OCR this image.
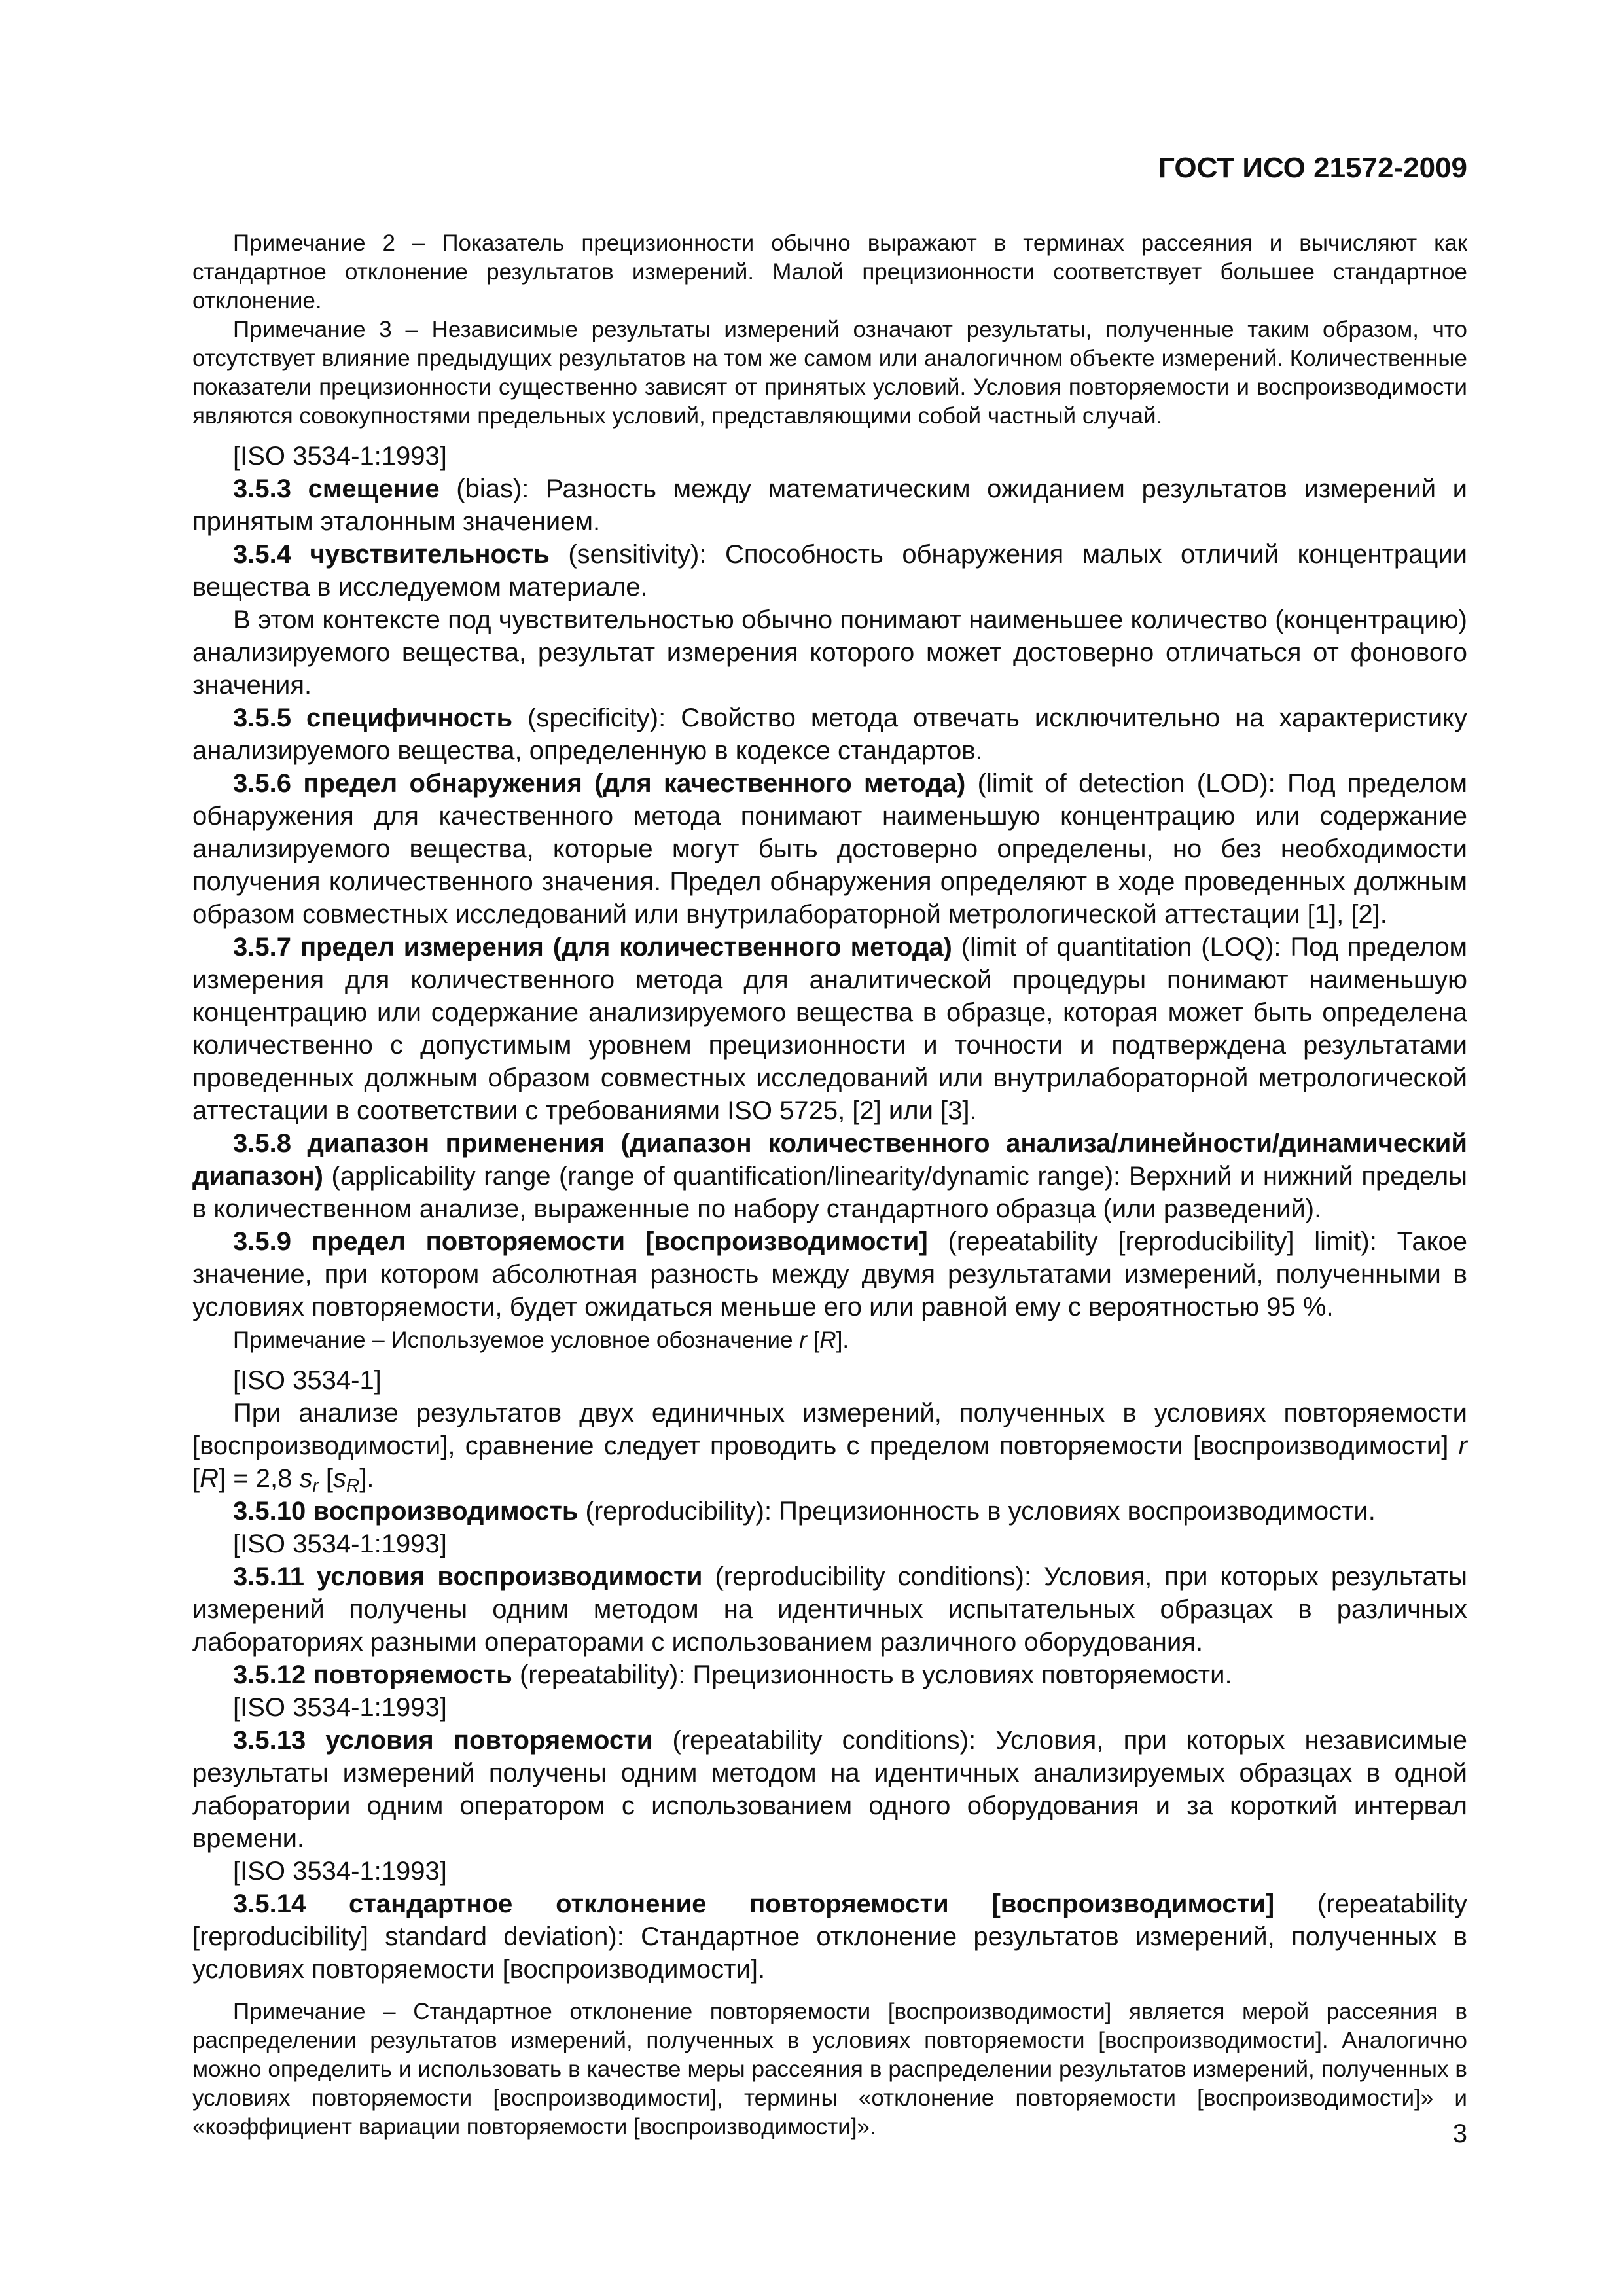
ГОСТ ИСО 21572-2009

Примечание 2 – Показатель прецизионности обычно выражают в терминах рассеяния и вычисляют как стандартное отклонение результатов измерений. Малой прецизионности соответствует большее стандартное отклонение.

Примечание 3 – Независимые результаты измерений означают результаты, полученные таким образом, что отсутствует влияние предыдущих результатов на том же самом или аналогичном объекте измерений. Количественные показатели прецизионности существенно зависят от принятых условий. Условия повторяемости и воспроизводимости являются совокупностями предельных условий, представляющими собой частный случай.

[ISO 3534-1:1993]

3.5.3 смещение (bias): Разность между математическим ожиданием результатов измерений и принятым эталонным значением.

3.5.4 чувствительность (sensitivity): Способность обнаружения малых отличий концентрации вещества в исследуемом материале.

В этом контексте под чувствительностью обычно понимают наименьшее количество (концентрацию) анализируемого вещества, результат измерения которого может достоверно отличаться от фонового значения.

3.5.5 специфичность (specificity): Свойство метода отвечать исключительно на характеристику анализируемого вещества, определенную в кодексе стандартов.

3.5.6 предел обнаружения (для качественного метода) (limit of detection (LOD): Под пределом обнаружения для качественного метода понимают наименьшую концентрацию или содержание анализируемого вещества, которые могут быть достоверно определены, но без необходимости получения количественного значения. Предел обнаружения определяют в ходе проведенных должным образом совместных исследований или внутрилабораторной метрологической аттестации [1], [2].

3.5.7 предел измерения (для количественного метода) (limit of quantitation (LOQ): Под пределом измерения для количественного метода для аналитической процедуры понимают наименьшую концентрацию или содержание анализируемого вещества в образце, которая может быть определена количественно с допустимым уровнем прецизионности и точности и подтверждена результатами проведенных должным образом совместных исследований или внутрилабораторной метрологической аттестации в соответствии с требованиями ISO 5725, [2] или [3].

3.5.8 диапазон применения (диапазон количественного анализа/линейности/динамический диапазон) (applicability range (range of quantification/linearity/dynamic range): Верхний и нижний пределы в количественном анализе, выраженные по набору стандартного образца (или разведений).

3.5.9 предел повторяемости [воспроизводимости] (repeatability [reproducibility] limit): Такое значение, при котором абсолютная разность между двумя результатами измерений, полученными в условиях повторяемости, будет ожидаться меньше его или равной ему с вероятностью 95 %.

Примечание – Используемое условное обозначение r [R].

[ISO 3534-1]

При анализе результатов двух единичных измерений, полученных в условиях повторяемости [воспроизводимости], сравнение следует проводить с пределом повторяемости [воспроизводимости] r [R] = 2,8 $s_r$ $[s_R]$.

3.5.10 воспроизводимость (reproducibility): Прецизионность в условиях воспроизводимости.

[ISO 3534-1:1993]

3.5.11 условия воспроизводимости (reproducibility conditions): Условия, при которых результаты измерений получены одним методом на идентичных испытательных образцах в различных лабораториях разными операторами с использованием различного оборудования.

3.5.12 повторяемость (repeatability): Прецизионность в условиях повторяемости.

[ISO 3534-1:1993]

3.5.13 условия повторяемости (repeatability conditions): Условия, при которых независимые результаты измерений получены одним методом на идентичных анализируемых образцах в одной лаборатории одним оператором с использованием одного оборудования и за короткий интервал времени.

[ISO 3534-1:1993]

3.5.14 стандартное отклонение повторяемости [воспроизводимости] (repeatability [reproducibility] standard deviation): Стандартное отклонение результатов измерений, полученных в условиях повторяемости [воспроизводимости].

Примечание – Стандартное отклонение повторяемости [воспроизводимости] является мерой рассеяния в распределении результатов измерений, полученных в условиях повторяемости [воспроизводимости]. Аналогично можно определить и использовать в качестве меры рассеяния в распределении результатов измерений, полученных в условиях повторяемости [воспроизводимости], термины «отклонение повторяемости [воспроизводимости]» и «коэффициент вариации повторяемости [воспроизводимости]».	3
